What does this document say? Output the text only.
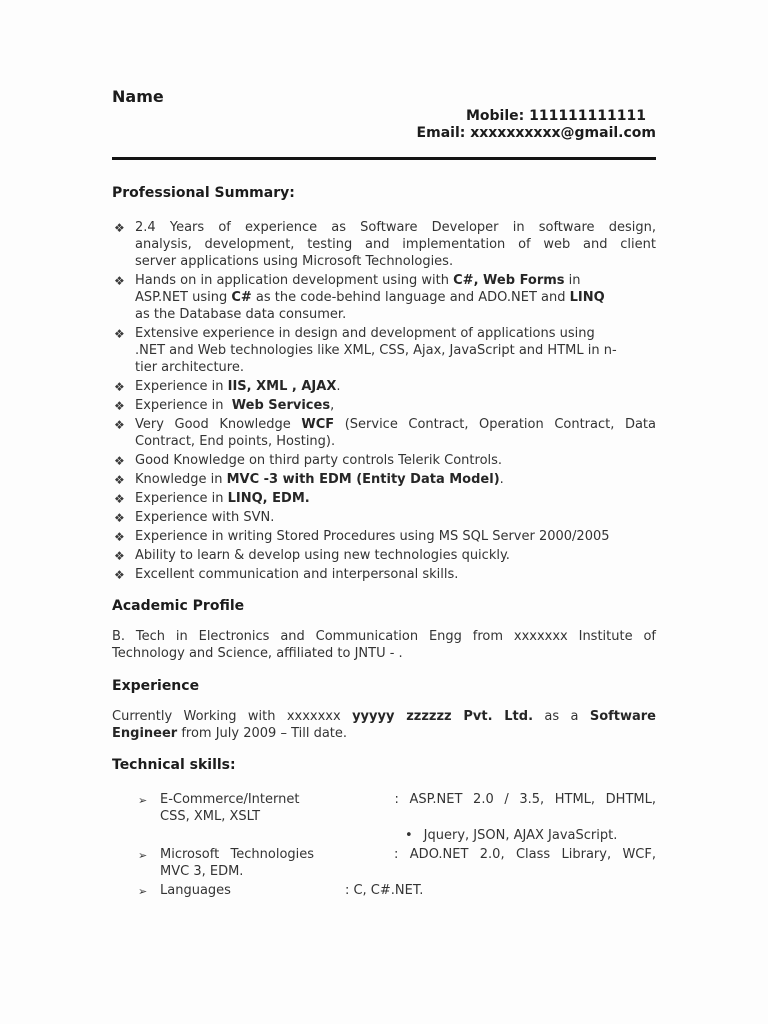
Name
Mobile: 111111111111
Email: xxxxxxxxxx@gmail.com
Professional Summary:
❖ 2.4 Years of experience as Software Developer in software design,
analysis, development, testing and implementation of web and client
server applications using Microsoft Technologies.
❖ Hands on in application development using with C#, Web Forms in
ASP.NET using C# as the code-behind language and ADO.NET and LINQ
as the Database data consumer.
❖ Extensive experience in design and development of applications using
.NET and Web technologies like XML, CSS, Ajax, JavaScript and HTML in n-
tier architecture.
❖ Experience in IIS, XML , AJAX.
❖ Experience in  Web Services,
❖ Very Good Knowledge WCF (Service Contract, Operation Contract, Data
Contract, End points, Hosting).
❖ Good Knowledge on third party controls Telerik Controls.
❖ Knowledge in MVC -3 with EDM (Entity Data Model).
❖ Experience in LINQ, EDM.
❖ Experience with SVN.
❖ Experience in writing Stored Procedures using MS SQL Server 2000/2005
❖ Ability to learn & develop using new technologies quickly.
❖ Excellent communication and interpersonal skills.
Academic Profile
B. Tech in Electronics and Communication Engg from xxxxxxx Institute of
Technology and Science, affiliated to JNTU - .
Experience
Currently Working with xxxxxxx yyyyy zzzzzz Pvt. Ltd. as a Software
Engineer from July 2009 – Till date.
Technical skills:
➢ E-Commerce/Internet	: ASP.NET 2.0 / 3.5, HTML, DHTML,
CSS, XML, XSLT
• Jquery, JSON, AJAX JavaScript.
➢ Microsoft Technologies	: ADO.NET 2.0, Class Library, WCF,
MVC 3, EDM.
➢ Languages	: C, C#.NET.
